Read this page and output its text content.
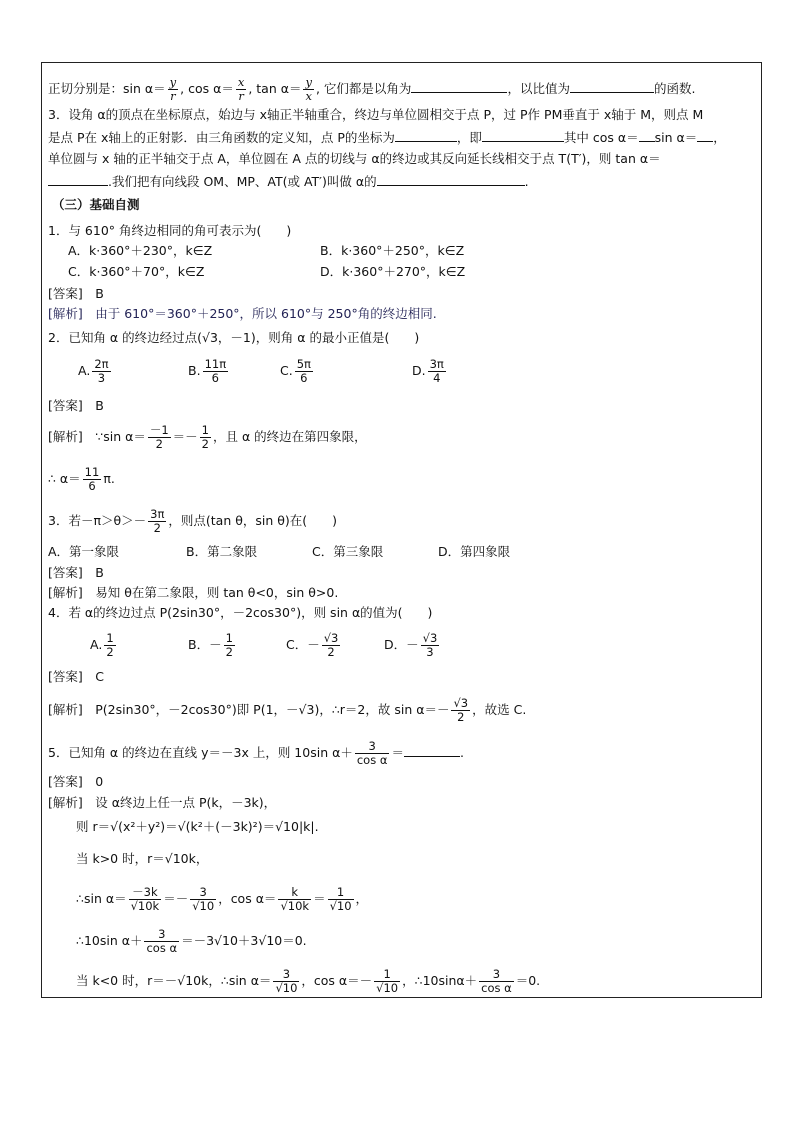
正切分别是：$\sin \alpha= \frac{y}{r}$ , $\cos \alpha= \frac{x}{r}$ , $\tan \alpha= \frac{y}{x}$ , 它们都是以角为	，以比值为	的函数.
3．设角 α的顶点在坐标原点，始边与 x轴正半轴重合，终边与单位圆相交于点 P，过 P作 PM垂直于 x轴于 M，则点 M
是点 P在 x轴上的正射影．由三角函数的定义知，点 P的坐标为	，即	其中 cos α＝ sin α＝ ，
单位圆与 x 轴的正半轴交于点 A，单位圆在 A 点的切线与 α的终边或其反向延长线相交于点 T(T′)，则 tan α＝
.我们把有向线段 OM、MP、AT(或 AT′)叫做 α的	.
（三）基础自测
1．与 610° 角终边相同的角可表示为(　　)
A．k·360°＋230°，k∈Z	B．k·360°＋250°，k∈Z
C．k·360°＋70°，k∈Z	D．k·360°＋270°，k∈Z
[答案]　B
[解析]　由于 610°＝360°＋250°，所以 610°与 250°角的终边相同.
2．已知角 α 的终边经过点(√3，－1)，则角 α 的最小正值是(　　)
A. $\frac{2\pi}{3}$	B. $\frac{11\pi}{6}$	C. $\frac{5\pi}{6}$	D. $\frac{3\pi}{4}$
[答案]　B
[解析]　∵sin $\alpha= \frac{-1}{2} =- \frac{1}{2}$ ，且 α 的终边在第四象限，
∴ $\alpha= \frac{11}{6} \pi$.
3．若$-\pi>\theta>- \frac{3\pi}{2}$ ，则点(tan θ，sin θ)在(　　)
A．第一象限	B．第二象限	C．第三象限	D．第四象限
[答案]　B
[解析]　易知 θ在第二象限，则 tan θ<0，sin θ>0.
4．若 α的终边过点 P(2sin30°，－2cos30°)，则 sin α的值为(　　)
A. $\frac{1}{2}$	B．－ $\frac{1}{2}$	C．－ $\frac{√3}{2}$	D．－ $\frac{√3}{3}$
[答案]　C
[解析]　P(2sin30°，－2cos30°)即 P(1，－√3)，∴r＝2，故 $\sin \alpha=- \frac{√3}{2}$ ，故选 C.
5．已知角 α 的终边在直线 y＝－3x 上，则 10sin $\alpha+ \frac{3}{\text{cos α}}$ ＝	.
[答案]　0
[解析]　设 α终边上任一点 P(k，－3k)，
则 r＝√(x²＋y²)＝√(k²＋(－3k)²)＝√10|k|.
当 k>0 时，r＝√10k，
∴sin $\alpha= \frac{-3k}{√10k} =- \frac{3}{√10}$ ，$\cos \alpha= \frac{k}{√10k} = \frac{1}{√10}$ ，
∴10sin $\alpha+ \frac{3}{\text{cos α}} =-3√10+3√10=0$.
当 k<0 时，r＝－√10k，∴sin $\alpha= \frac{3}{√10}$ ，$\cos \alpha=- \frac{1}{√10}$ ，∴10sinα＋ $\frac{3}{\text{cos α}} =0$.
